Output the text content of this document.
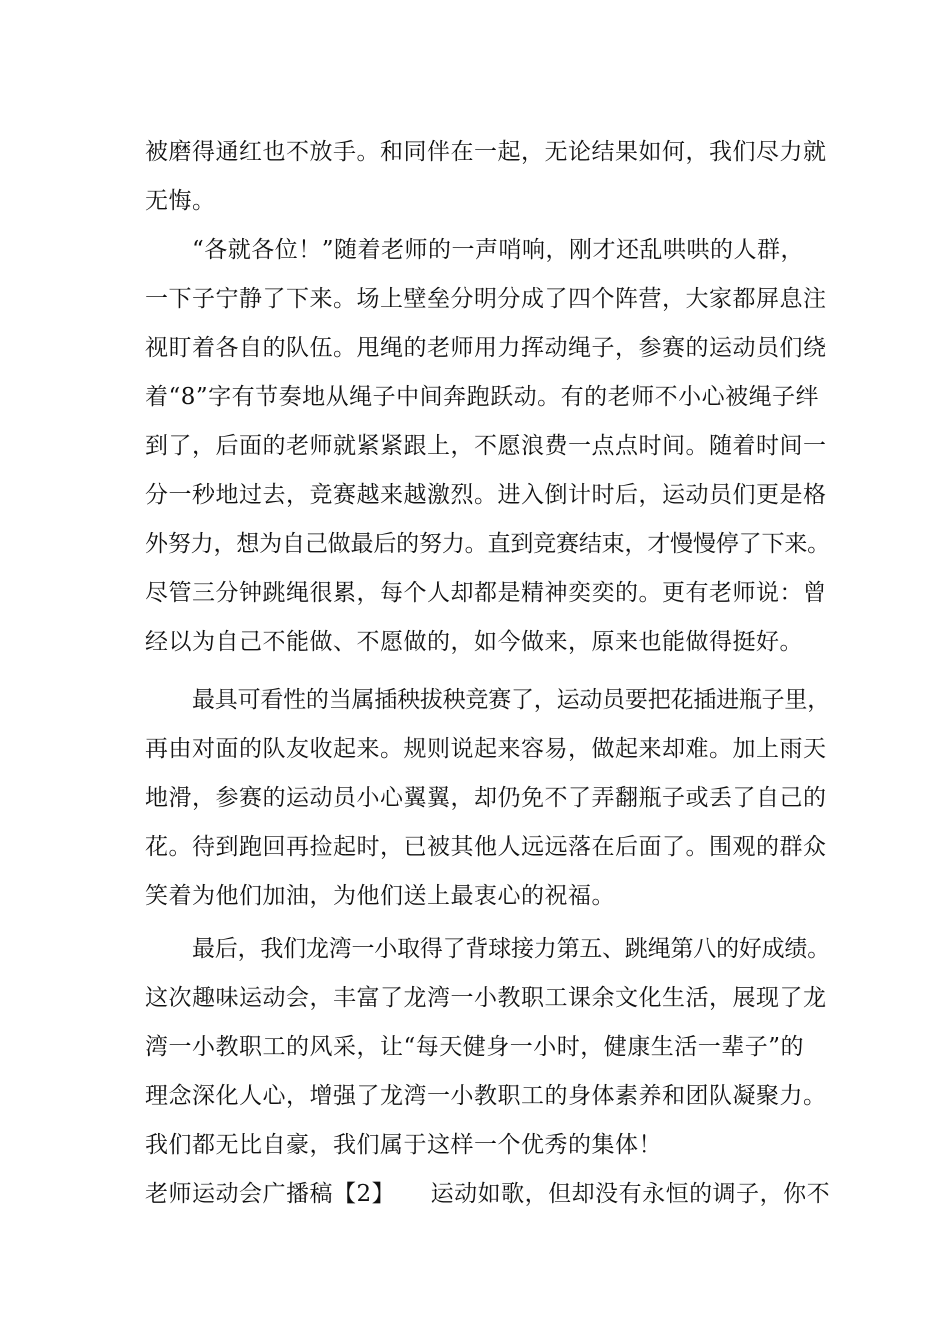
被磨得通红也不放手。和同伴在一起，无论结果如何，我们尽力就
无悔。
“各就各位！”随着老师的一声哨响，刚才还乱哄哄的人群，
一下子宁静了下来。场上壁垒分明分成了四个阵营，大家都屏息注
视盯着各自的队伍。甩绳的老师用力挥动绳子，参赛的运动员们绕
着“8”字有节奏地从绳子中间奔跑跃动。有的老师不小心被绳子绊
到了，后面的老师就紧紧跟上，不愿浪费一点点时间。随着时间一
分一秒地过去，竞赛越来越激烈。进入倒计时后，运动员们更是格
外努力，想为自己做最后的努力。直到竞赛结束，才慢慢停了下来。
尽管三分钟跳绳很累，每个人却都是精神奕奕的。更有老师说：曾
经以为自己不能做、不愿做的，如今做来，原来也能做得挺好。
最具可看性的当属插秧拔秧竞赛了，运动员要把花插进瓶子里，
再由对面的队友收起来。规则说起来容易，做起来却难。加上雨天
地滑，参赛的运动员小心翼翼，却仍免不了弄翻瓶子或丢了自己的
花。待到跑回再捡起时，已被其他人远远落在后面了。围观的群众
笑着为他们加油，为他们送上最衷心的祝福。
最后，我们龙湾一小取得了背球接力第五、跳绳第八的好成绩。
这次趣味运动会，丰富了龙湾一小教职工课余文化生活，展现了龙
湾一小教职工的风采，让“每天健身一小时，健康生活一辈子”的
理念深化人心，增强了龙湾一小教职工的身体素养和团队凝聚力。
我们都无比自豪，我们属于这样一个优秀的集体！
老师运动会广播稿【2】　　运动如歌，但却没有永恒的调子，你不
